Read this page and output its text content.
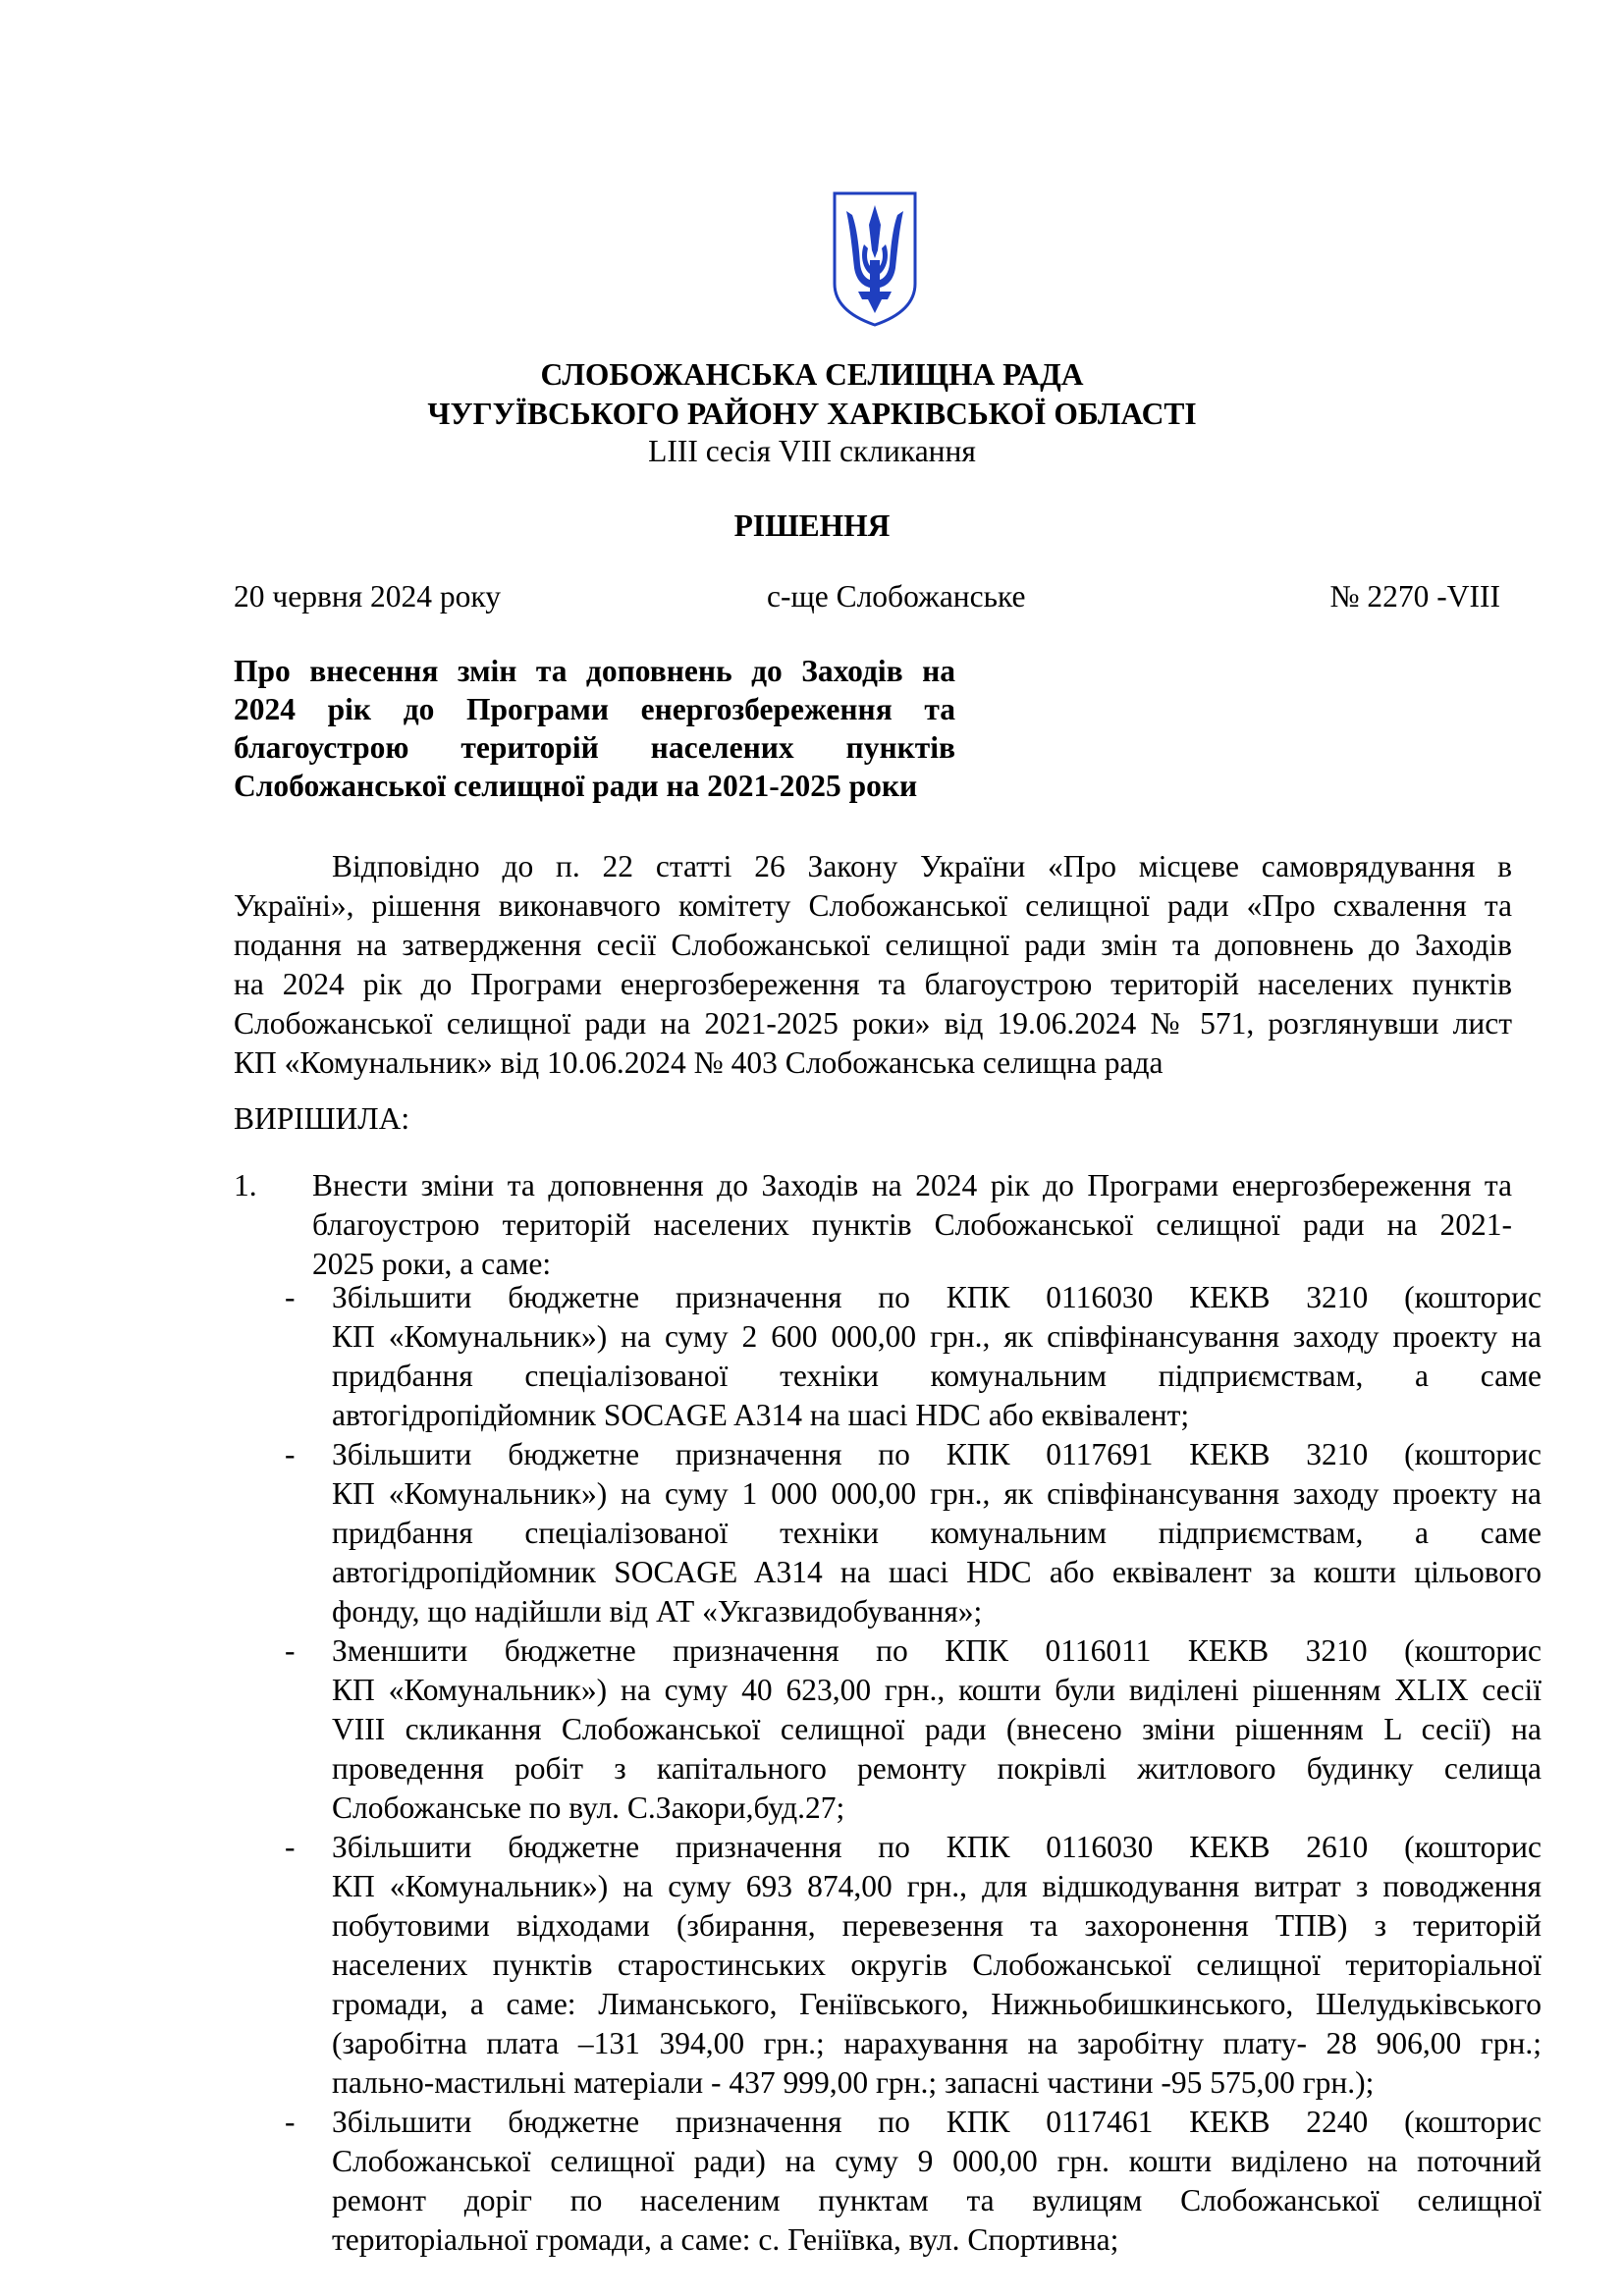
СЛОБОЖАНСЬКА СЕЛИЩНА РАДА
ЧУГУЇВСЬКОГО РАЙОНУ ХАРКІВСЬКОЇ ОБЛАСТІ
LIII сесія VIII скликання
РІШЕННЯ
20 червня 2024 року	с-ще Слобожанське	№ 2270 -VIII
Про внесення змін та доповнень до Заходів на
2024 рік до Програми енергозбереження та
благоустрою територій населених пунктів
Слобожанської селищної ради на 2021-2025 роки
Відповідно до п. 22 статті 26 Закону України «Про місцеве самоврядування в
Україні», рішення виконавчого комітету Слобожанської селищної ради «Про схвалення та
подання на затвердження сесії Слобожанської селищної ради змін та доповнень до Заходів
на 2024 рік до Програми енергозбереження та благоустрою територій населених пунктів
Слобожанської селищної ради на 2021-2025 роки» від 19.06.2024 № 571, розглянувши лист
КП «Комунальник» від 10.06.2024 № 403 Слобожанська селищна рада
ВИРІШИЛА:
1. Внести зміни та доповнення до Заходів на 2024 рік до Програми енергозбереження та
благоустрою територій населених пунктів Слобожанської селищної ради на 2021-
2025 роки, а саме:
- Збільшити бюджетне призначення по КПК 0116030 КЕКВ 3210 (кошторис
КП «Комунальник») на суму 2 600 000,00 грн., як співфінансування заходу проекту на
придбання спеціалізованої техніки комунальним підприємствам, а саме
автогідропідйомник SOCAGE A314 на шасі HDC або еквівалент;
- Збільшити бюджетне призначення по КПК 0117691 КЕКВ 3210 (кошторис
КП «Комунальник») на суму 1 000 000,00 грн., як співфінансування заходу проекту на
придбання спеціалізованої техніки комунальним підприємствам, а саме
автогідропідйомник SOCAGE A314 на шасі HDC або еквівалент за кошти цільового
фонду, що надійшли від АТ «Укгазвидобування»;
- Зменшити бюджетне призначення по КПК 0116011 КЕКВ 3210 (кошторис
КП «Комунальник») на суму 40 623,00 грн., кошти були виділені рішенням XLIX сесії
VIII скликання Слобожанської селищної ради (внесено зміни рішенням L сесії) на
проведення робіт з капітального ремонту покрівлі житлового будинку селища
Слобожанське по вул. С.Закори,буд.27;
- Збільшити бюджетне призначення по КПК 0116030 КЕКВ 2610 (кошторис
КП «Комунальник») на суму 693 874,00 грн., для відшкодування витрат з поводження
побутовими відходами (збирання, перевезення та захоронення ТПВ) з територій
населених пунктів старостинських округів Слобожанської селищної територіальної
громади, а саме: Лиманського, Геніївського, Нижньобишкинського, Шелудьківського
(заробітна плата –131 394,00 грн.; нарахування на заробітну плату- 28 906,00 грн.;
пально-мастильні матеріали - 437 999,00 грн.; запасні частини -95 575,00 грн.);
- Збільшити бюджетне призначення по КПК 0117461 КЕКВ 2240 (кошторис
Слобожанської селищної ради) на суму 9 000,00 грн. кошти виділено на поточний
ремонт доріг по населеним пунктам та вулицям Слобожанської селищної
територіальної громади, а саме: с. Геніївка, вул. Спортивна;
